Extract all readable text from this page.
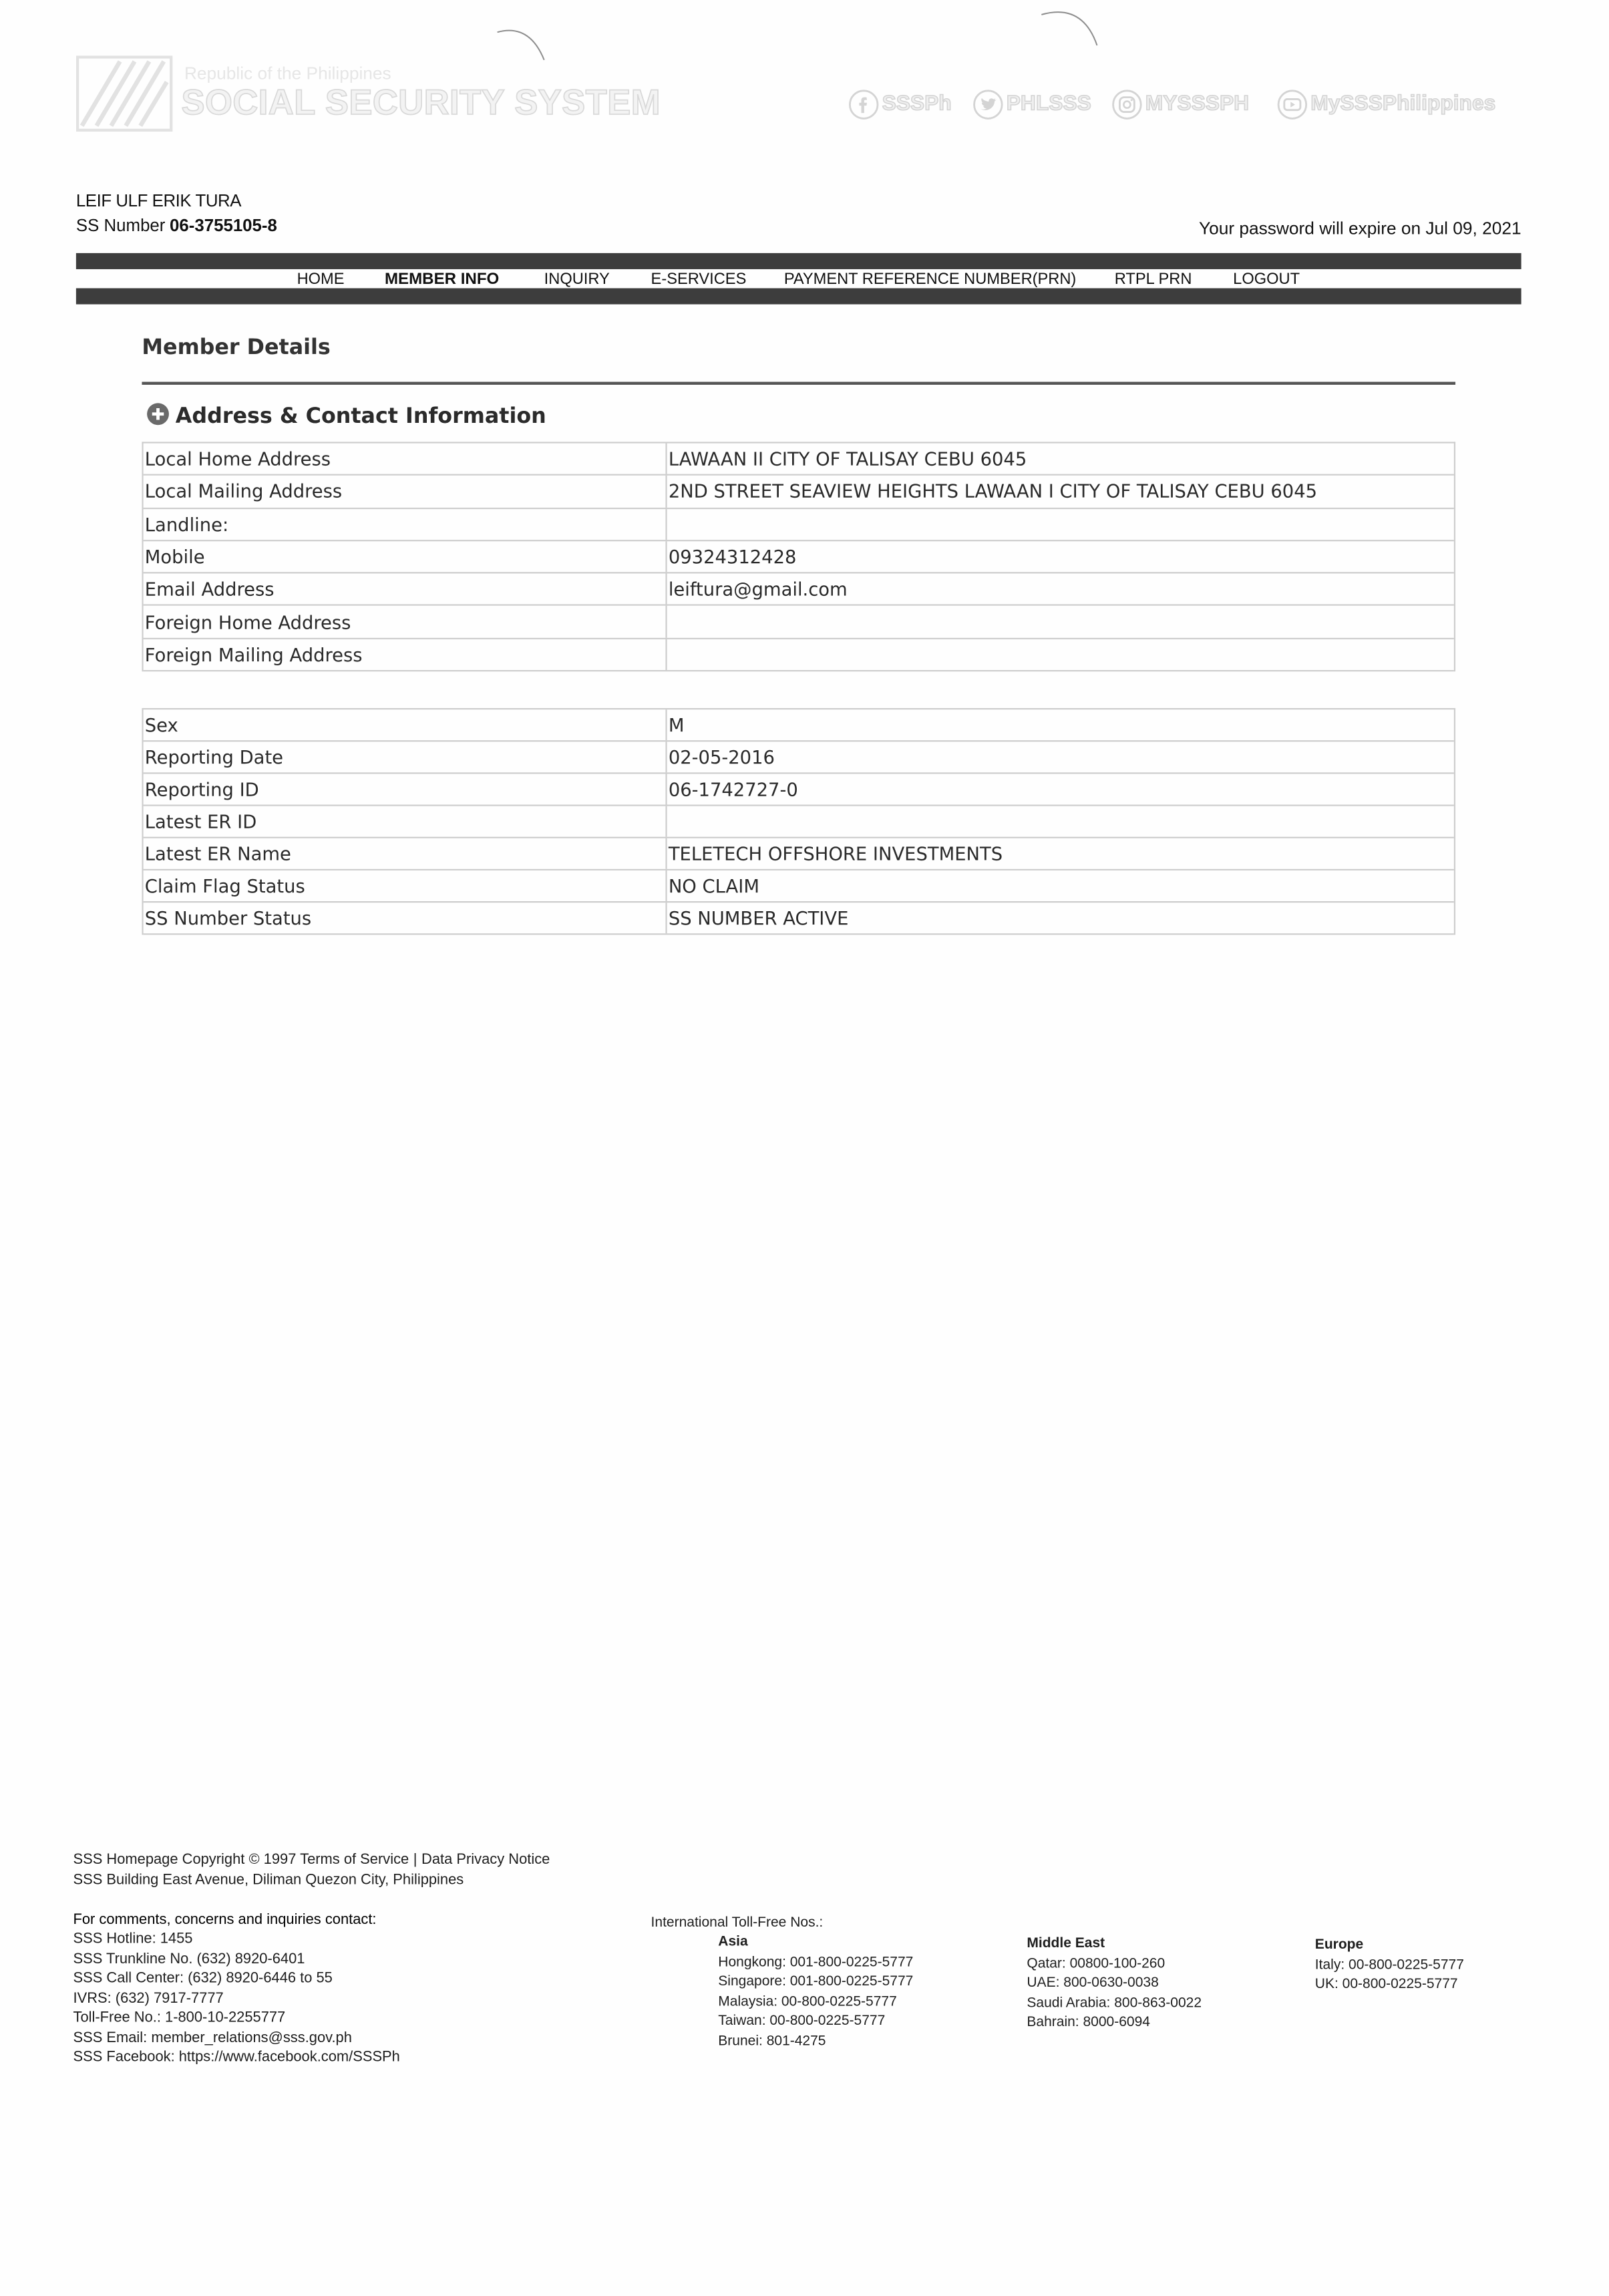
Republic of the Philippines
SOCIAL SECURITY SYSTEM	SSSPh	PHLSSS	MYSSSPH	MySSSPhilippines
LEIF ULF ERIK TURA
SS Number 06-3755105-8	Your password will expire on Jul 09, 2021
HOME	MEMBER INFO	INQUIRY	E-SERVICES	PAYMENT REFERENCE NUMBER(PRN)	RTPL PRN	LOGOUT
Member Details
Address & Contact Information
Local Home Address	LAWAAN II CITY OF TALISAY CEBU 6045
Local Mailing Address	2ND STREET SEAVIEW HEIGHTS LAWAAN I CITY OF TALISAY CEBU 6045
Landline:
Mobile	09324312428
Email Address	leiftura@gmail.com
Foreign Home Address
Foreign Mailing Address
Sex	M
Reporting Date	02-05-2016
Reporting ID	06-1742727-0
Latest ER ID
Latest ER Name	TELETECH OFFSHORE INVESTMENTS
Claim Flag Status	NO CLAIM
SS Number Status	SS NUMBER ACTIVE
SSS Homepage Copyright © 1997 Terms of Service | Data Privacy Notice
SSS Building East Avenue, Diliman Quezon City, Philippines
For comments, concerns and inquiries contact:
SSS Hotline: 1455
SSS Trunkline No. (632) 8920-6401
SSS Call Center: (632) 8920-6446 to 55
IVRS: (632) 7917-7777
Toll-Free No.: 1-800-10-2255777
SSS Email: member_relations@sss.gov.ph
SSS Facebook: https://www.facebook.com/SSSPh
International Toll-Free Nos.:
Asia
Hongkong: 001-800-0225-5777
Singapore: 001-800-0225-5777
Malaysia: 00-800-0225-5777
Taiwan: 00-800-0225-5777
Brunei: 801-4275
Middle East
Qatar: 00800-100-260
UAE: 800-0630-0038
Saudi Arabia: 800-863-0022
Bahrain: 8000-6094
Europe
Italy: 00-800-0225-5777
UK: 00-800-0225-5777
